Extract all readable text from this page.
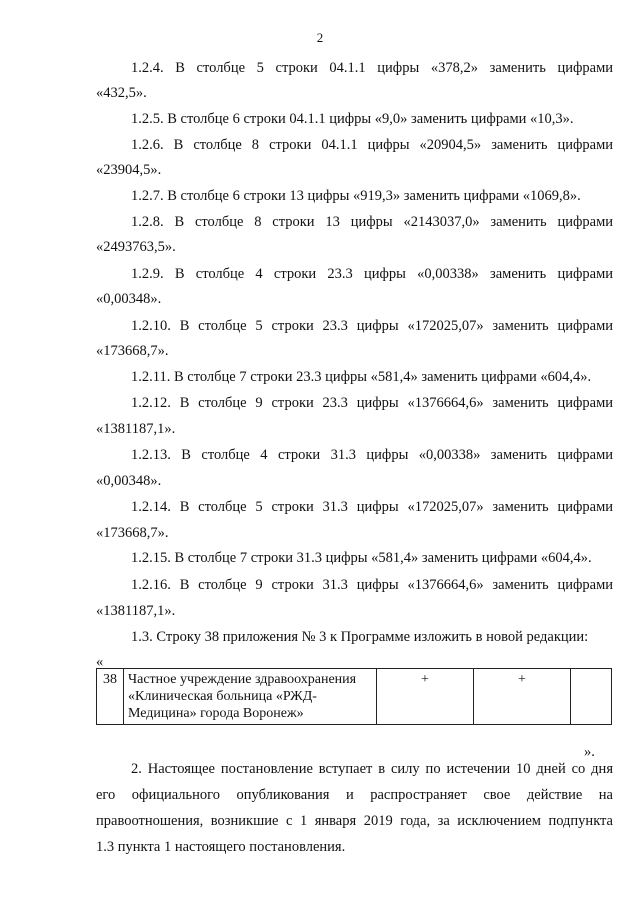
2
1.2.4. В столбце 5 строки 04.1.1 цифры «378,2» заменить цифрами
«432,5».
1.2.5. В столбце 6 строки 04.1.1 цифры «9,0» заменить цифрами «10,3».
1.2.6. В столбце 8 строки 04.1.1 цифры «20904,5» заменить цифрами
«23904,5».
1.2.7. В столбце 6 строки 13 цифры «919,3» заменить цифрами «1069,8».
1.2.8. В столбце 8 строки 13 цифры «2143037,0» заменить цифрами
«2493763,5».
1.2.9. В столбце 4 строки 23.3 цифры «0,00338» заменить цифрами
«0,00348».
1.2.10. В столбце 5 строки 23.3 цифры «172025,07» заменить цифрами
«173668,7».
1.2.11. В столбце 7 строки 23.3 цифры «581,4» заменить цифрами «604,4».
1.2.12. В столбце 9 строки 23.3 цифры «1376664,6» заменить цифрами
«1381187,1».
1.2.13. В столбце 4 строки 31.3 цифры «0,00338» заменить цифрами
«0,00348».
1.2.14. В столбце 5 строки 31.3 цифры «172025,07» заменить цифрами
«173668,7».
1.2.15. В столбце 7 строки 31.3 цифры «581,4» заменить цифрами «604,4».
1.2.16. В столбце 9 строки 31.3 цифры «1376664,6» заменить цифрами
«1381187,1».
1.3. Строку 38 приложения № 3 к Программе изложить в новой редакции:
«
38	Частное учреждение здравоохранения «Клиническая больница «РЖД-Медицина» города Воронеж»	+	+	
».
2. Настоящее постановление вступает в силу по истечении 10 дней со дня
его официального опубликования и распространяет свое действие на
правоотношения, возникшие с 1 января 2019 года, за исключением подпункта
1.3 пункта 1 настоящего постановления.
